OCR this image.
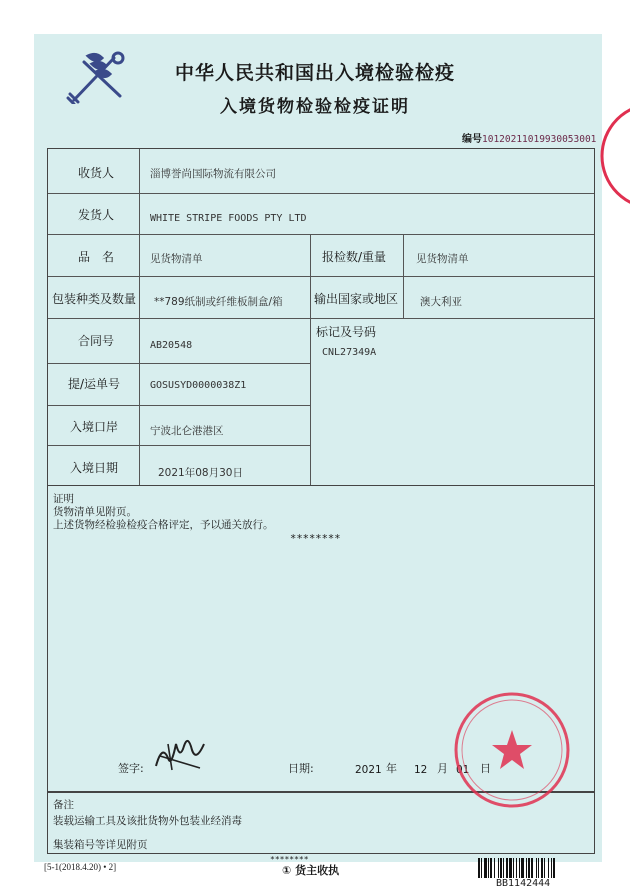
中华人民共和国出入境检验检疫
入境货物检验检疫证明
编号10120211019930053001
收货人	淄博誉尚国际物流有限公司
发货人	WHITE STRIPE FOODS PTY LTD
品　名	见货物清单	报检数/重量	见货物清单
包装种类及数量 **789纸制或纤维板制盒/箱	输出国家或地区 澳大利亚
合同号	AB20548
标记及号码
CNL27349A
提/运单号	GOSUSYD0000038Z1
入境口岸	宁波北仑港港区
入境日期	2021年08月30日
证明
货物清单见附页。
上述货物经检验检疫合格评定，予以通关放行。
********
签字:	日期:	2021 年 12 月 01 日
备注
装载运输工具及该批货物外包装业经消毒
集装箱号等详见附页
[5-1(2018.4.20) • 2]
********
① 货主收执
BB1142444
